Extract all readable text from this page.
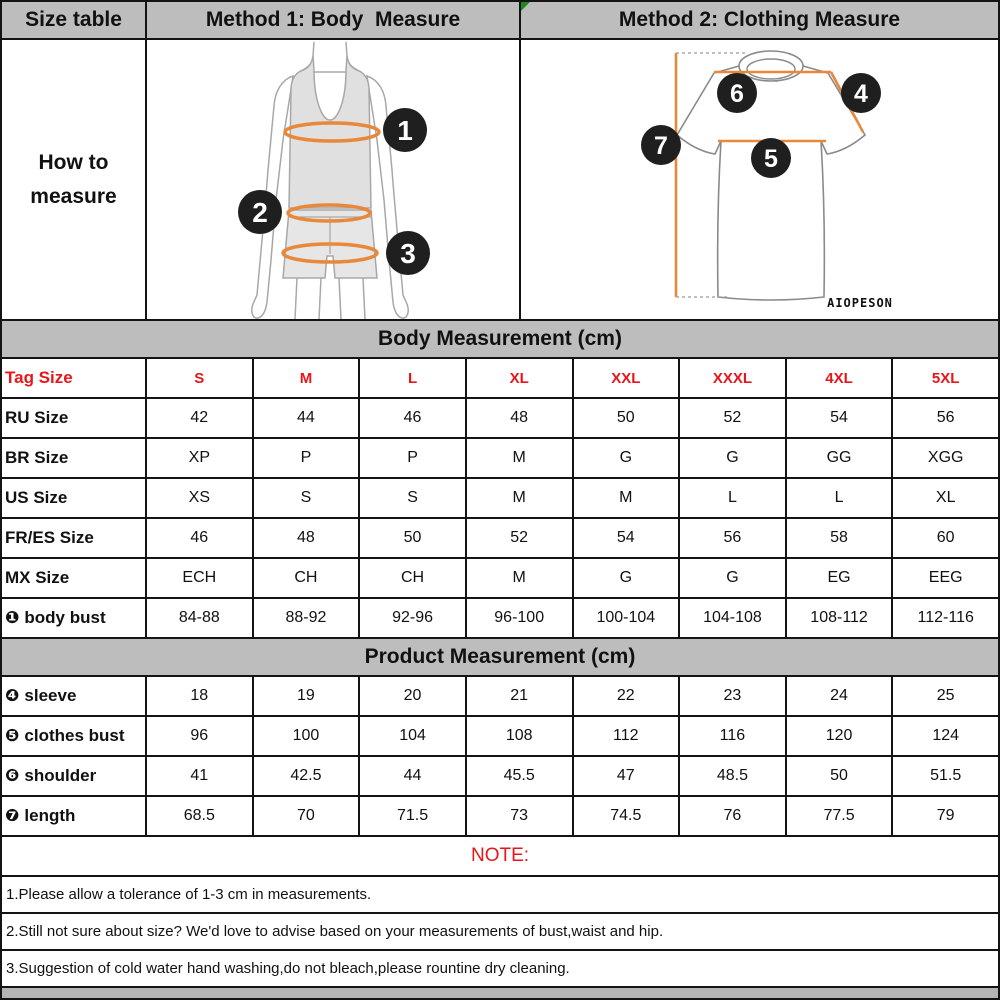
Size table	Method 1: Body  Measure	Method 2: Clothing Measure
How to
measure
1
2
3
6	4
7	5
AIOPESON
Body Measurement (cm)
Tag Size	S	M	L	XL	XXL	XXXL	4XL	5XL
RU Size	42	44	46	48	50	52	54	56
BR Size	XP	P	P	M	G	G	GG	XGG
US Size	XS	S	S	M	M	L	L	XL
FR/ES Size	46	48	50	52	54	56	58	60
MX Size	ECH	CH	CH	M	G	G	EG	EEG
❶ body bust	84-88	88-92	92-96	96-100	100-104	104-108	108-112	112-116
Product Measurement (cm)
❹ sleeve	18	19	20	21	22	23	24	25
❺ clothes bust	96	100	104	108	112	116	120	124
❻ shoulder	41	42.5	44	45.5	47	48.5	50	51.5
❼ length	68.5	70	71.5	73	74.5	76	77.5	79
NOTE:
1.Please allow a tolerance of 1-3 cm in measurements.
2.Still not sure about size? We'd love to advise based on your measurements of bust,waist and hip.
3.Suggestion of cold water hand washing,do not bleach,please rountine dry cleaning.
